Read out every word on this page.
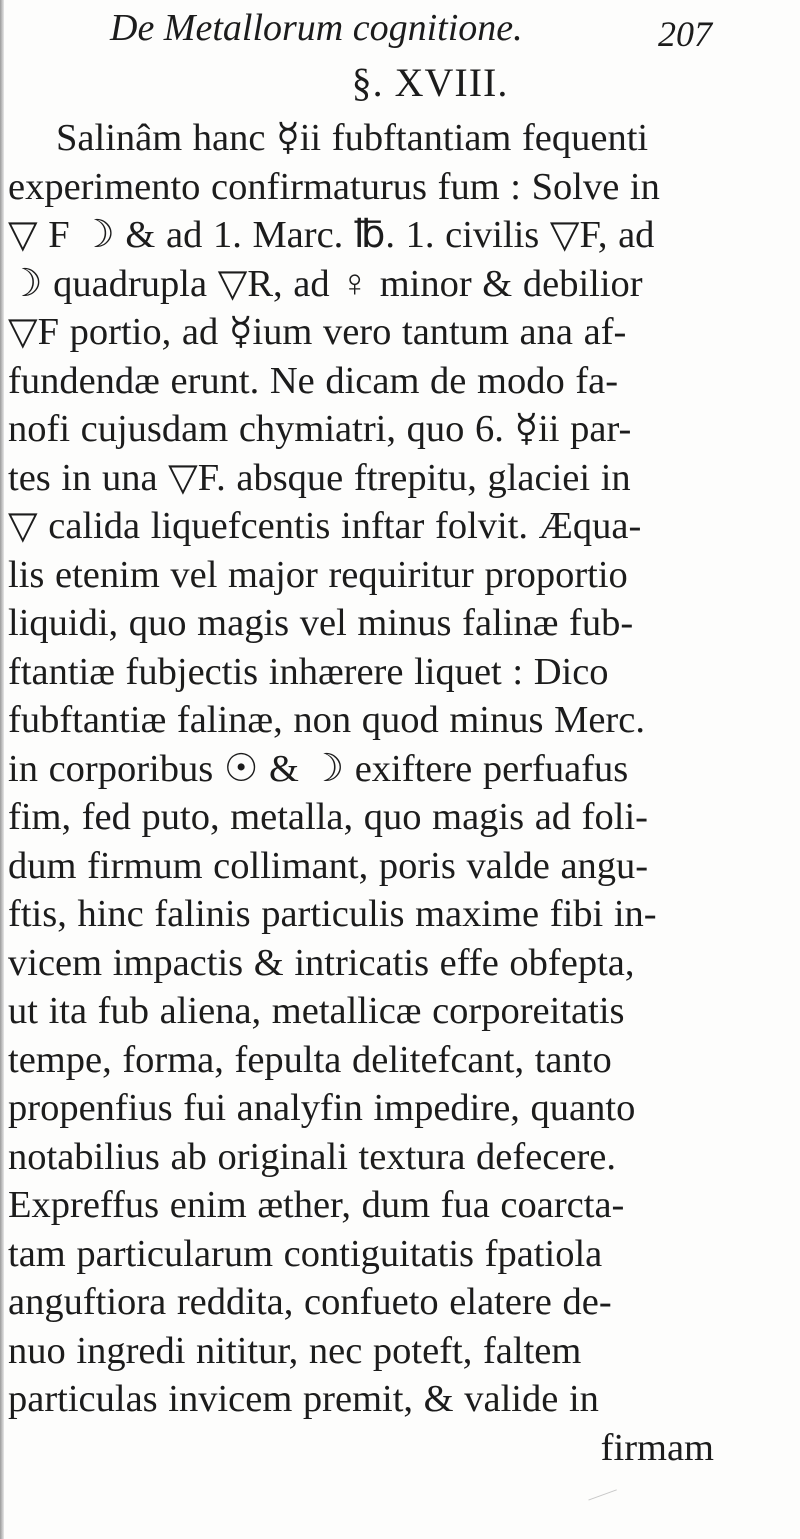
De Metallorum cognitione.	207
§. XVIII.
Salinâm hanc ☿ii fubftantiam fequenti
experimento confirmaturus fum : Solve in
▽ F ☽ & ad 1. Marc. ℔. 1. civilis ▽F, ad
☽ quadrupla ▽R, ad ♀ minor & debilior
▽F portio, ad ☿ium vero tantum ana af-
fundendæ erunt. Ne dicam de modo fa-
nofi cujusdam chymiatri, quo 6. ☿ii par-
tes in una ▽F. absque ftrepitu, glaciei in
▽ calida liquefcentis inftar folvit. Æqua-
lis etenim vel major requiritur proportio
liquidi, quo magis vel minus falinæ fub-
ftantiæ fubjectis inhærere liquet : Dico
fubftantiæ falinæ, non quod minus Merc.
in corporibus ☉ & ☽ exiftere perfuafus
fim, fed puto, metalla, quo magis ad foli-
dum firmum collimant, poris valde angu-
ftis, hinc falinis particulis maxime fibi in-
vicem impactis & intricatis effe obfepta,
ut ita fub aliena, metallicæ corporeitatis
tempe, forma, fepulta delitefcant, tanto
propenfius fui analyfin impedire, quanto
notabilius ab originali textura defecere.
Expreffus enim æther, dum fua coarcta-
tam particularum contiguitatis fpatiola
anguftiora reddita, confueto elatere de-
nuo ingredi nititur, nec poteft, faltem
particulas invicem premit, & valide in
firmam
